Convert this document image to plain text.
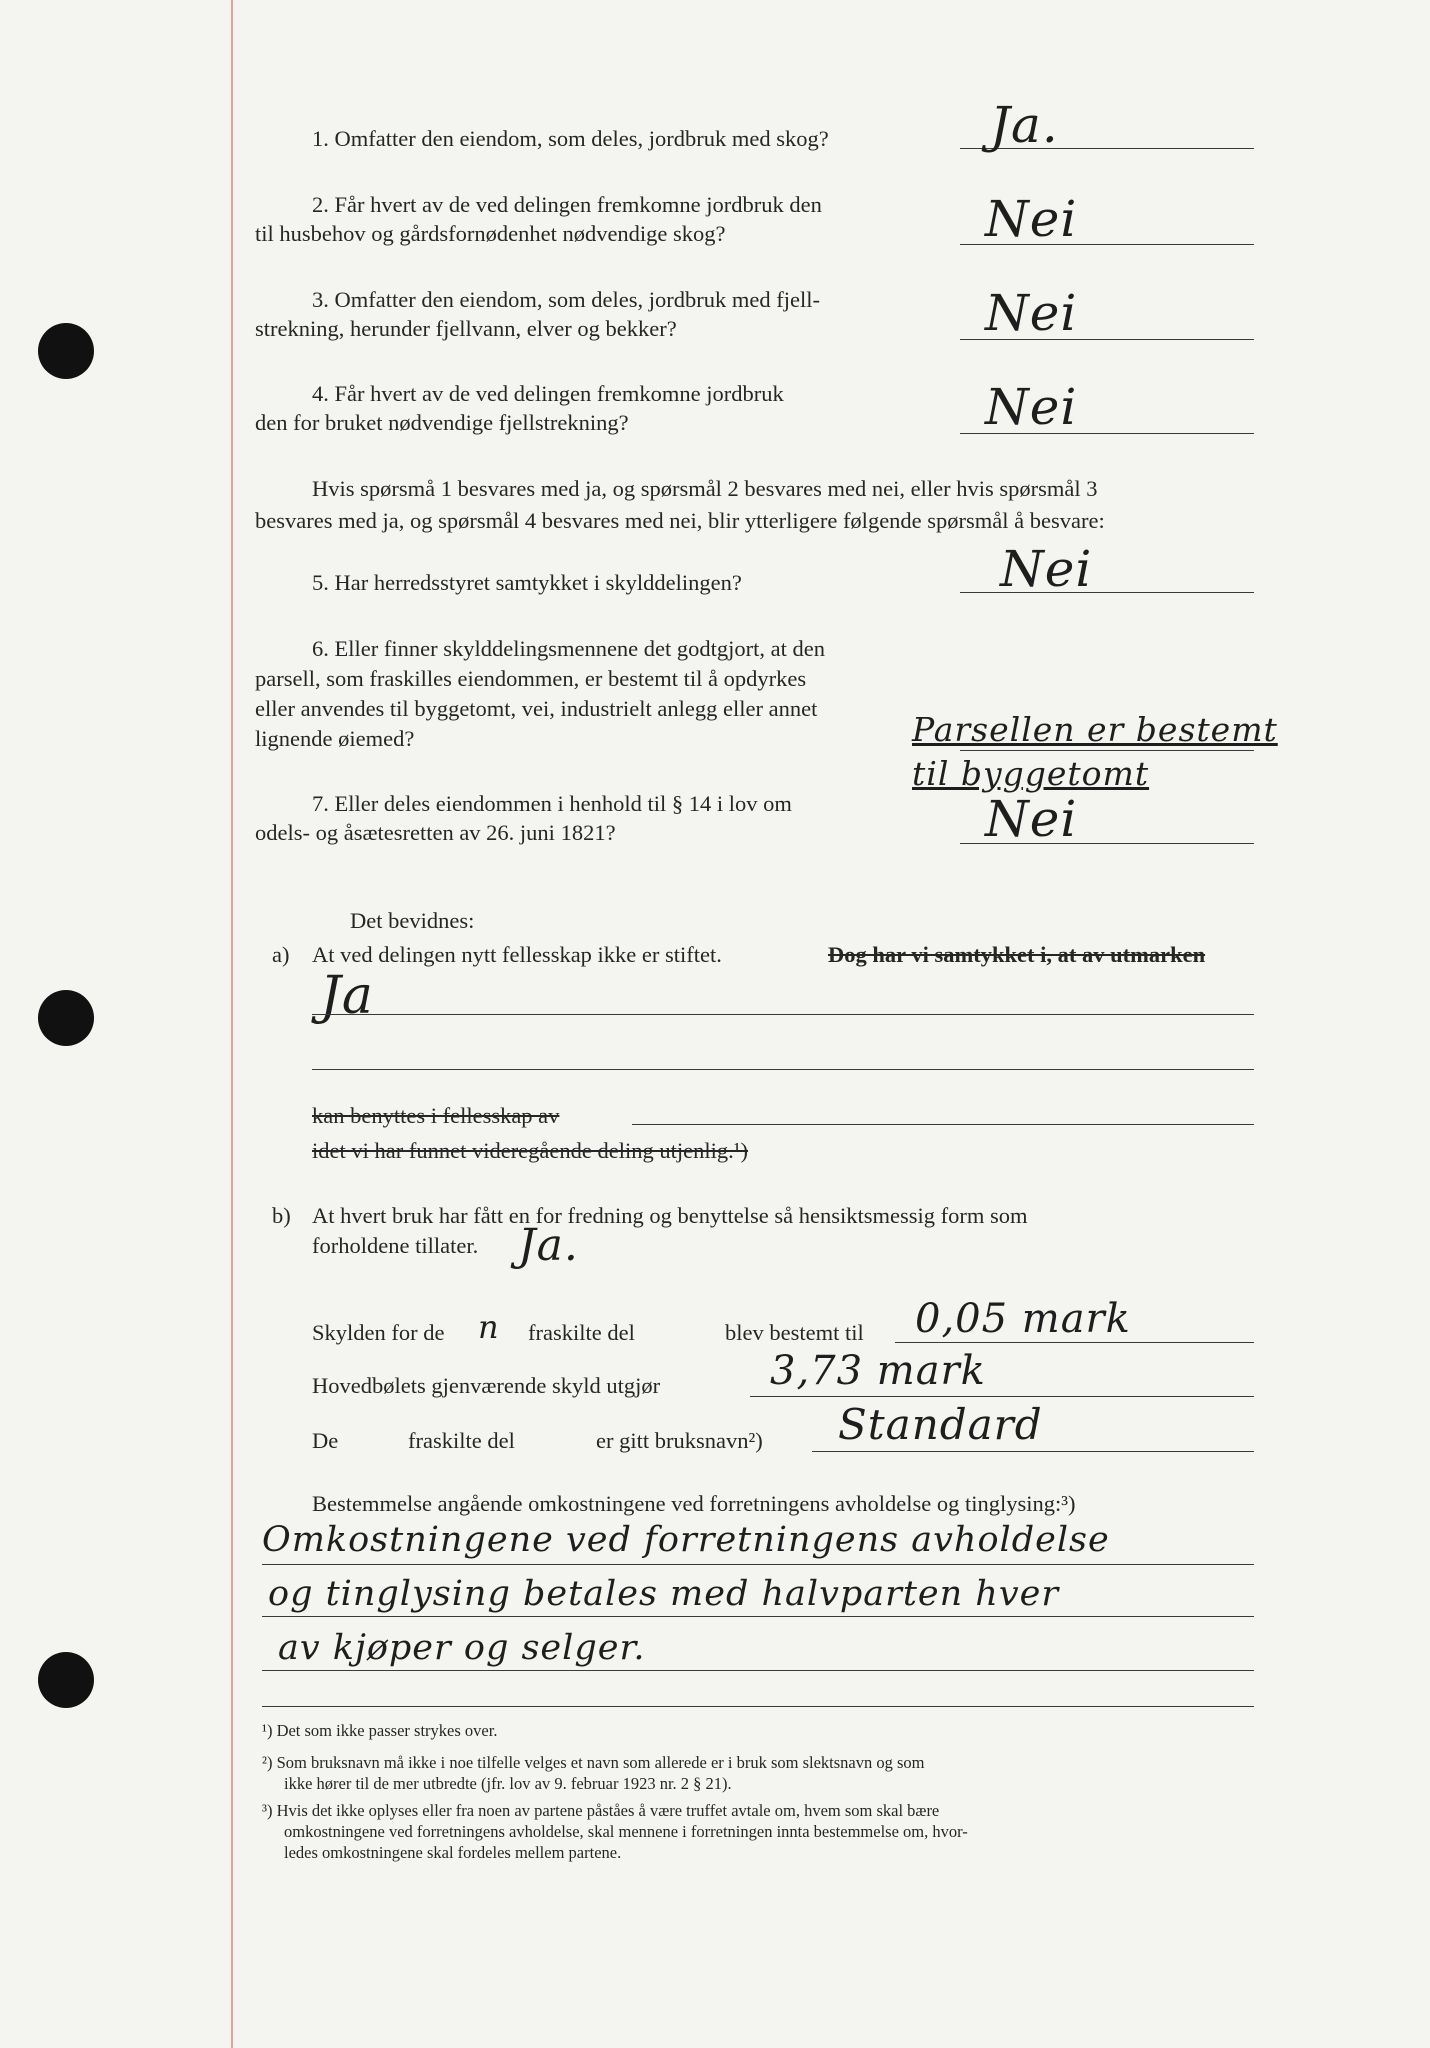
1. Omfatter den eiendom, som deles, jordbruk med skog?	Ja.
2. Får hvert av de ved delingen fremkomne jordbruk den
til husbehov og gårdsfornødenhet nødvendige skog?	Nei
3. Omfatter den eiendom, som deles, jordbruk med fjell-
strekning, herunder fjellvann, elver og bekker?	Nei
4. Får hvert av de ved delingen fremkomne jordbruk
den for bruket nødvendige fjellstrekning?	Nei
Hvis spørsmå 1 besvares med ja, og spørsmål 2 besvares med nei, eller hvis spørsmål 3
besvares med ja, og spørsmål 4 besvares med nei, blir ytterligere følgende spørsmål å besvare:
5. Har herredsstyret samtykket i skylddelingen?	Nei
6. Eller finner skylddelingsmennene det godtgjort, at den
parsell, som fraskilles eiendommen, er bestemt til å opdyrkes
eller anvendes til byggetomt, vei, industrielt anlegg eller annet
lignende øiemed?	Parsellen er bestemt
til byggetomt
7. Eller deles eiendommen i henhold til § 14 i lov om
odels- og åsætesretten av 26. juni 1821?	Nei
Det bevidnes:
a) At ved delingen nytt fellesskap ikke er stiftet.	Dog har vi samtykket i, at av utmarken
Ja
kan benyttes i fellesskap av
idet vi har funnet videregående deling utjenlig.¹)
b) At hvert bruk har fått en for fredning og benyttelse så hensiktsmessig form som
forholdene tillater. Ja.
Skylden for de n fraskilte del	blev bestemt til 0,05 mark
Hovedbølets gjenværende skyld utgjør	3,73 mark
De	fraskilte del	er gitt bruksnavn²) Standard
Bestemmelse angående omkostningene ved forretningens avholdelse og tinglysing:³)
Omkostningene ved forretningens avholdelse
og tinglysing betales med halvparten hver
av kjøper og selger.
¹) Det som ikke passer strykes over.
²) Som bruksnavn må ikke i noe tilfelle velges et navn som allerede er i bruk som slektsnavn og som
ikke hører til de mer utbredte (jfr. lov av 9. februar 1923 nr. 2 § 21).
³) Hvis det ikke oplyses eller fra noen av partene påståes å være truffet avtale om, hvem som skal bære
omkostningene ved forretningens avholdelse, skal mennene i forretningen innta bestemmelse om, hvor-
ledes omkostningene skal fordeles mellem partene.
